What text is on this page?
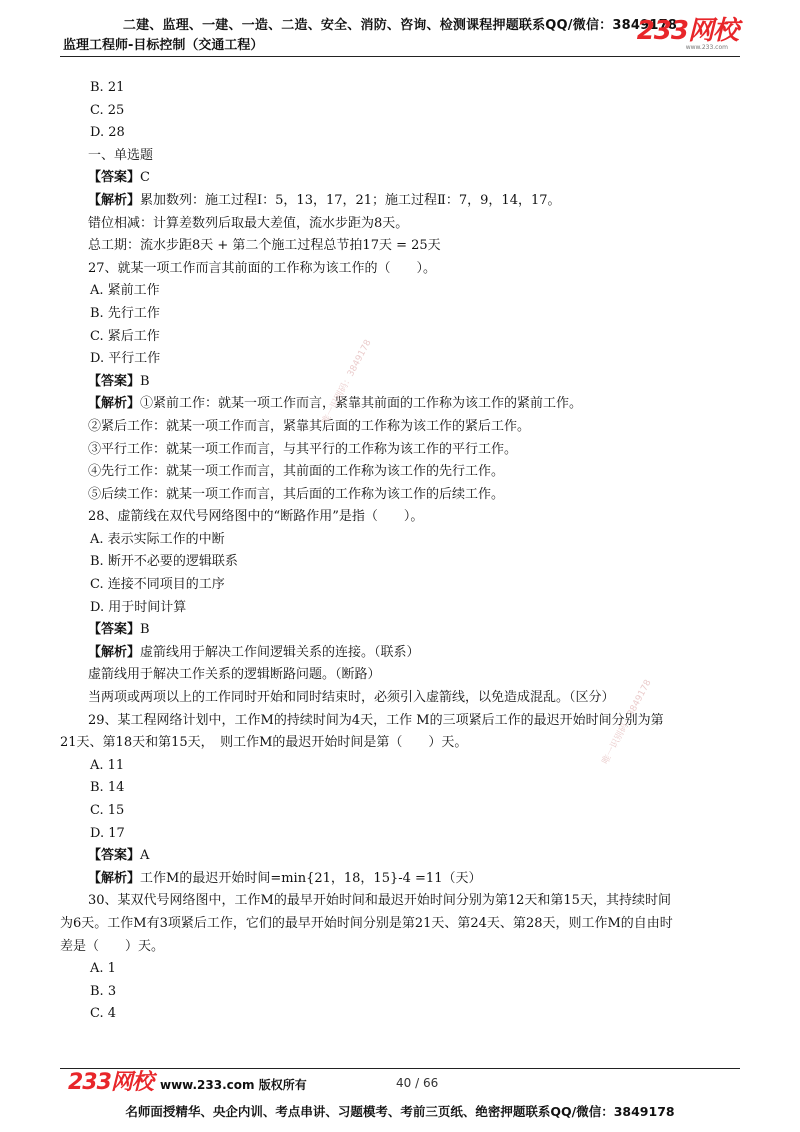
二建、监理、一建、一造、二造、安全、消防、咨询、检测课程押题联系QQ/微信：3849178
监理工程师-目标控制（交通工程）	233网校
www.233.com
B. 21
C. 25
D. 28
一、单选题
【答案】C
【解析】累加数列：施工过程Ⅰ：5，13，17，21；施工过程Ⅱ：7，9，14，17。
错位相减：计算差数列后取最大差值，流水步距为8天。
总工期：流水步距8天 + 第二个施工过程总节拍17天 = 25天
27、就某一项工作而言其前面的工作称为该工作的（　　）。
A. 紧前工作
B. 先行工作
C. 紧后工作
D. 平行工作
【答案】B
【解析】①紧前工作：就某一项工作而言，紧靠其前面的工作称为该工作的紧前工作。
②紧后工作：就某一项工作而言，紧靠其后面的工作称为该工作的紧后工作。
③平行工作：就某一项工作而言，与其平行的工作称为该工作的平行工作。
④先行工作：就某一项工作而言，其前面的工作称为该工作的先行工作。
⑤后续工作：就某一项工作而言，其后面的工作称为该工作的后续工作。
28、虚箭线在双代号网络图中的“断路作用”是指（　　）。
A. 表示实际工作的中断
B. 断开不必要的逻辑联系
C. 连接不同项目的工序
D. 用于时间计算
【答案】B
【解析】虚箭线用于解决工作间逻辑关系的连接。（联系）
虚箭线用于解决工作关系的逻辑断路问题。（断路）
当两项或两项以上的工作同时开始和同时结束时，必须引入虚箭线，以免造成混乱。（区分）
29、某工程网络计划中，工作M的持续时间为4天，工作 M的三项紧后工作的最迟开始时间分别为第
21天、第18天和第15天，　则工作M的最迟开始时间是第（　　）天。
A. 11
B. 14
C. 15
D. 17
【答案】A
【解析】工作M的最迟开始时间=min{21，18，15}-4 =11（天）
30、某双代号网络图中，工作M的最早开始时间和最迟开始时间分别为第12天和第15天，其持续时间
为6天。工作M有3项紧后工作，它们的最早开始时间分别是第21天、第24天、第28天，则工作M的自由时
差是（　　）天。
A. 1
B. 3
C. 4
唯一识别码：3849178
唯一识别码：3849178
233网校 www.233.com 版权所有	40 / 66
名师面授精华、央企内训、考点串讲、习题模考、考前三页纸、绝密押题联系QQ/微信：3849178
